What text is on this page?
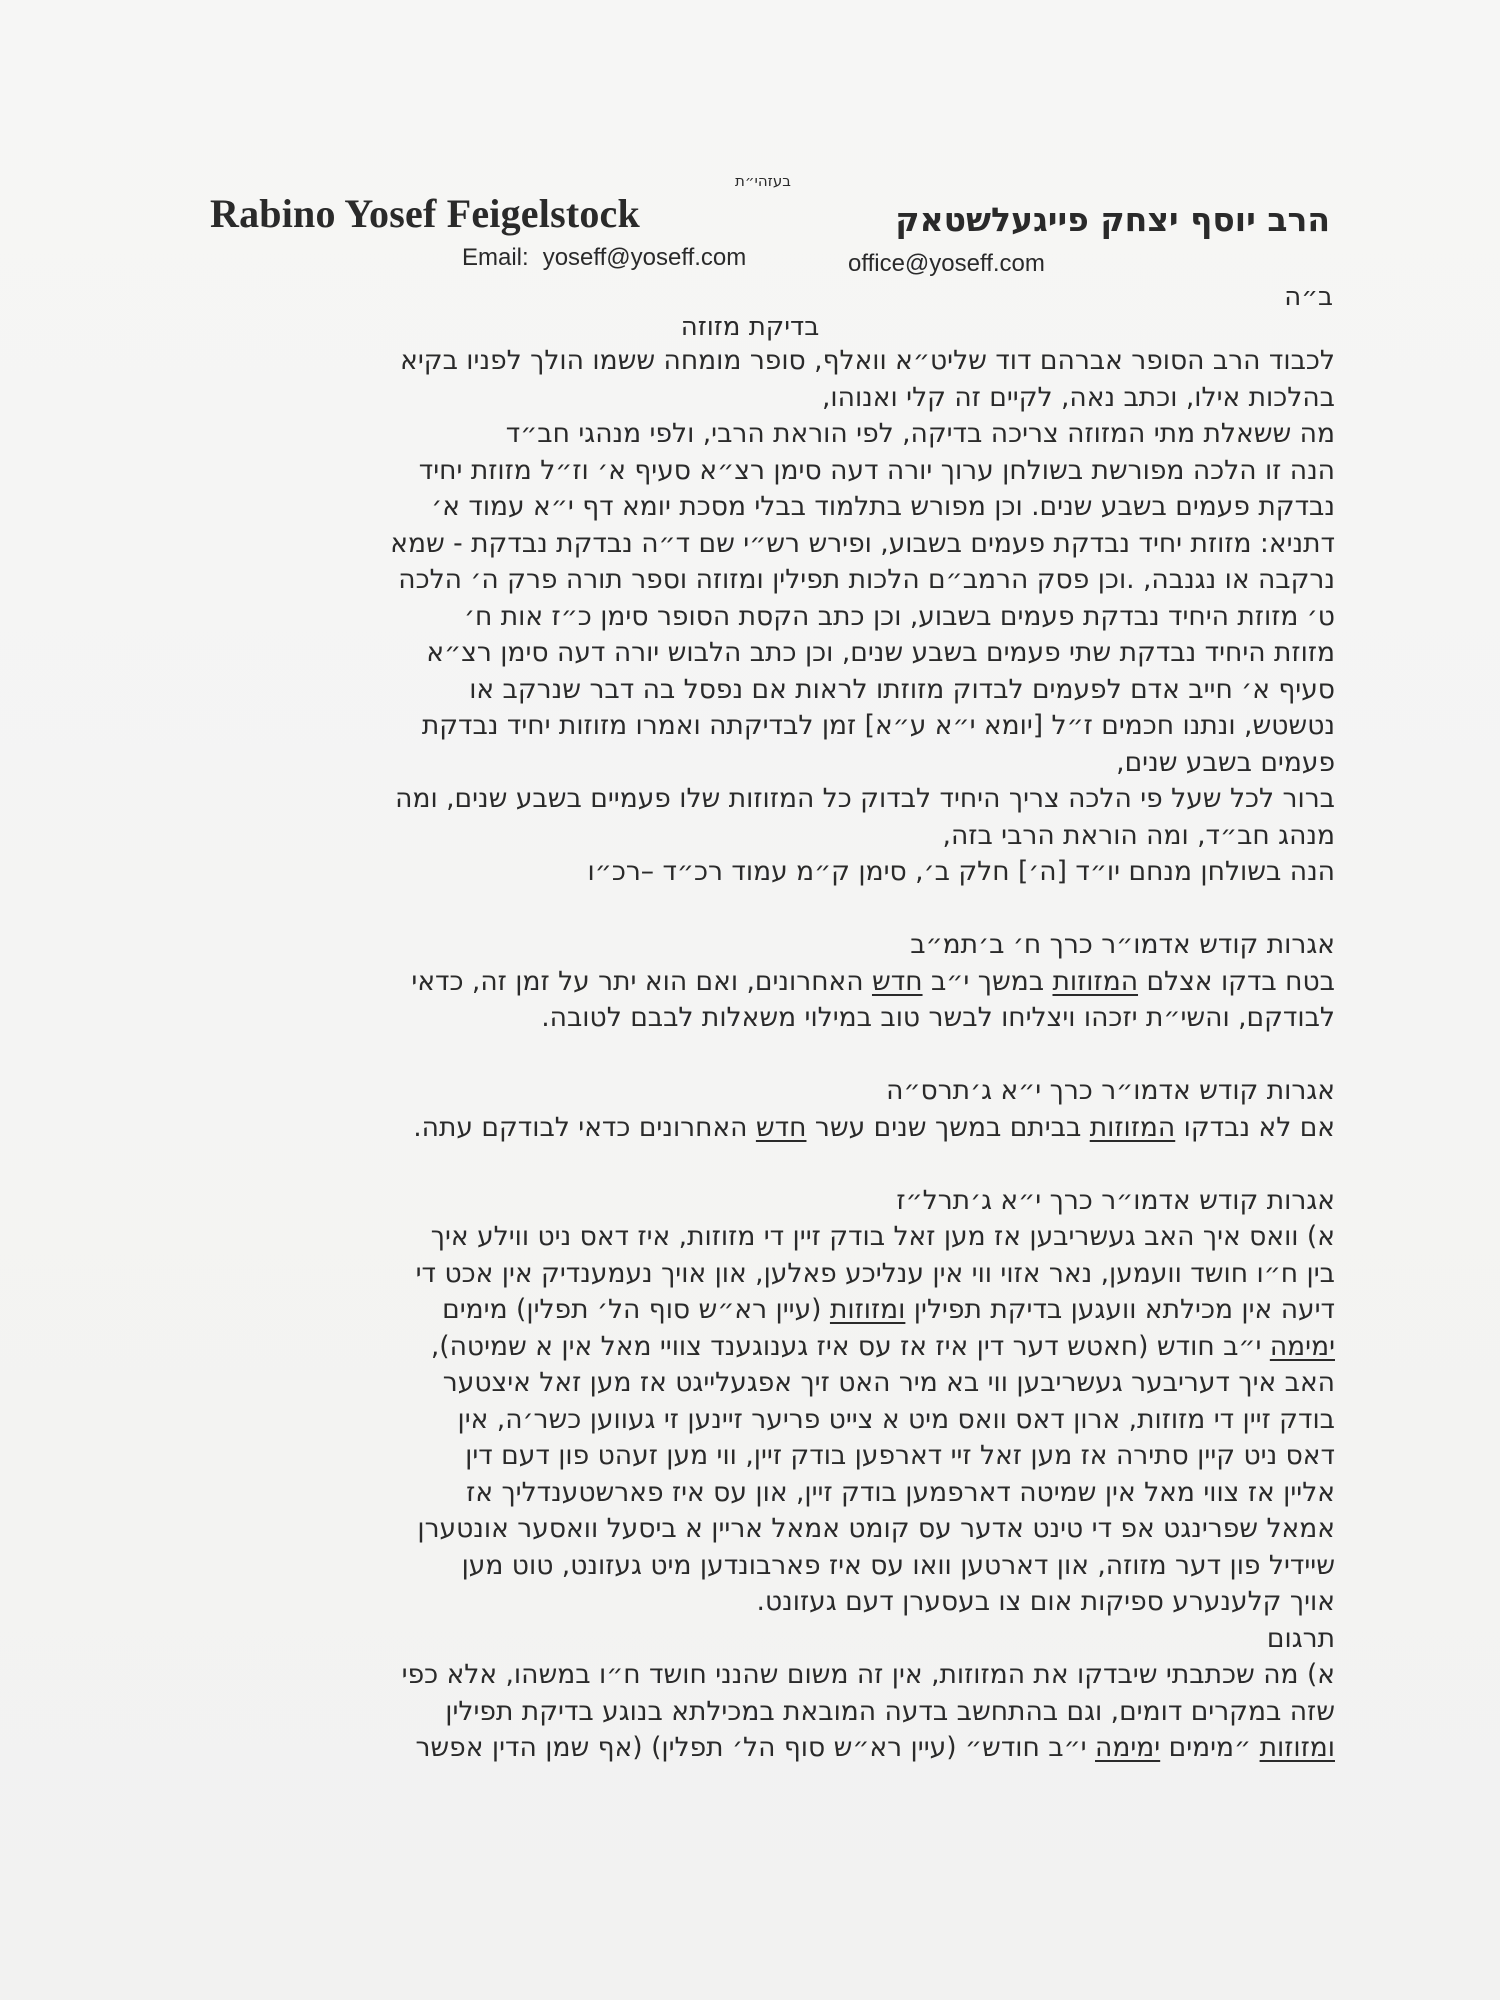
בעזהי״ת
Rabino Yosef Feigelstock	הרב יוסף יצחק פייגעלשטאק
Email: yoseff@yoseff.com	office@yoseff.com
ב״ה
בדיקת מזוזה
לכבוד הרב הסופר אברהם דוד שליט״א וואלף, סופר מומחה ששמו הולך לפניו בקיא
בהלכות אילו, וכתב נאה, לקיים זה קלי ואנוהו,
מה ששאלת מתי המזוזה צריכה בדיקה, לפי הוראת הרבי, ולפי מנהגי חב״ד
הנה זו הלכה מפורשת בשולחן ערוך יורה דעה סימן רצ״א סעיף א׳ וז״ל מזוזת יחיד
נבדקת פעמים בשבע שנים. וכן מפורש בתלמוד בבלי מסכת יומא דף י״א עמוד א׳
דתניא: מזוזת יחיד נבדקת פעמים בשבוע, ופירש רש״י שם ד״ה נבדקת נבדקת - שמא
נרקבה או נגנבה, .וכן פסק הרמב״ם הלכות תפילין ומזוזה וספר תורה פרק ה׳ הלכה
ט׳ מזוזת היחיד נבדקת פעמים בשבוע, וכן כתב הקסת הסופר סימן כ״ז אות ח׳
מזוזת היחיד נבדקת שתי פעמים בשבע שנים, וכן כתב הלבוש יורה דעה סימן רצ״א
סעיף א׳ חייב אדם לפעמים לבדוק מזוזתו לראות אם נפסל בה דבר שנרקב או
נטשטש, ונתנו חכמים ז״ל [יומא י״א ע״א] זמן לבדיקתה ואמרו מזוזות יחיד נבדקת
פעמים בשבע שנים,
ברור לכל שעל פי הלכה צריך היחיד לבדוק כל המזוזות שלו פעמיים בשבע שנים, ומה
מנהג חב״ד, ומה הוראת הרבי בזה,
הנה בשולחן מנחם יו״ד [ה׳] חלק ב׳, סימן ק״מ עמוד רכ״ד –רכ״ו
אגרות קודש אדמו״ר כרך ח׳ ב׳תמ״ב
בטח בדקו אצלם המזוזות במשך י״ב חדש האחרונים, ואם הוא יתר על זמן זה, כדאי
לבודקם, והשי״ת יזכהו ויצליחו לבשר טוב במילוי משאלות לבבם לטובה.
אגרות קודש אדמו״ר כרך י״א ג׳תרס״ה
אם לא נבדקו המזוזות בביתם במשך שנים עשר חדש האחרונים כדאי לבודקם עתה.
אגרות קודש אדמו״ר כרך י״א ג׳תרל״ז
א) וואס איך האב געשריבען אז מען זאל בודק זיין די מזוזות, איז דאס ניט ווילע איך
בין ח״ו חושד וועמען, נאר אזוי ווי אין ענליכע פאלען, און אויך נעמענדיק אין אכט די
דיעה אין מכילתא וועגען בדיקת תפילין ומזוזות (עיין רא״ש סוף הל׳ תפלין) מימים
ימימה י״ב חודש (חאטש דער דין איז אז עס איז גענוגענד צוויי מאל אין א שמיטה),
האב איך דעריבער געשריבען ווי בא מיר האט זיך אפגעלייגט אז מען זאל איצטער
בודק זיין די מזוזות, ארון דאס וואס מיט א צייט פריער זיינען זי געווען כשר׳ה, אין
דאס ניט קיין סתירה אז מען זאל זיי דארפען בודק זיין, ווי מען זעהט פון דעם דין
אליין אז צווי מאל אין שמיטה דארפמען בודק זיין, און עס איז פארשטענדליך אז
אמאל שפרינגט אפ די טינט אדער עס קומט אמאל אריין א ביסעל וואסער אונטערן
שיידיל פון דער מזוזה, און דארטען וואו עס איז פארבונדען מיט געזונט, טוט מען
אויך קלענערע ספיקות אום צו בעסערן דעם געזונט.
תרגום
א) מה שכתבתי שיבדקו את המזוזות, אין זה משום שהנני חושד ח״ו במשהו, אלא כפי
שזה במקרים דומים, וגם בהתחשב בדעה המובאת במכילתא בנוגע בדיקת תפילין
ומזוזות ״מימים ימימה י״ב חודש״ (עיין רא״ש סוף הל׳ תפלין) (אף שמן הדין אפשר
